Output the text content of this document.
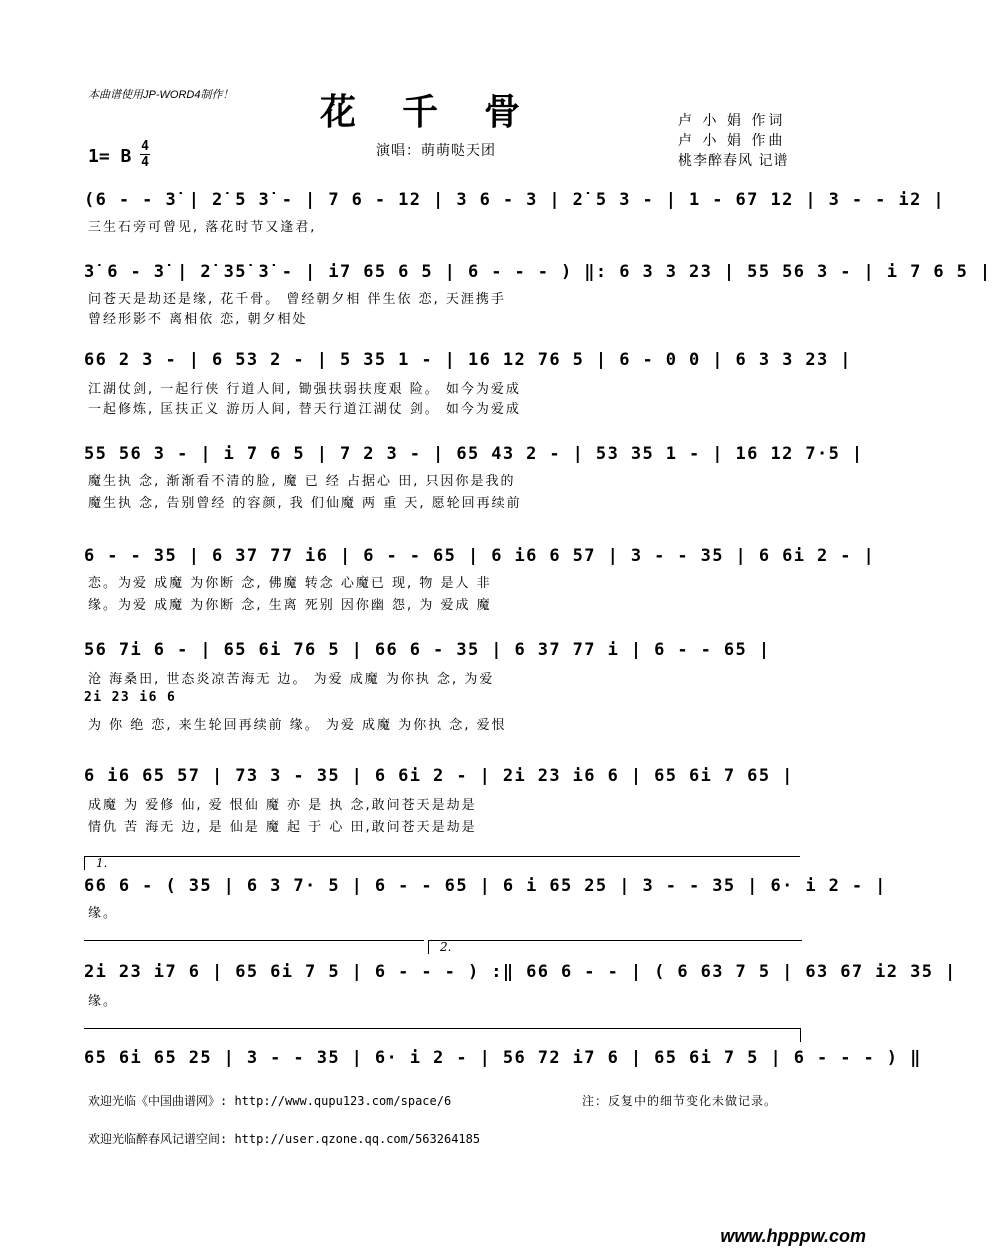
本曲谱使用JP-WORD4制作！ 花千骨	卢 小 娟 作词
卢 小 娟 作曲
桃李醉春风 记谱
1= B 4
4
演唱：萌萌哒天团
(6 - - 3̇ | 2̇ 5 3̇ - | 7 6 - 12 | 3 6 - 3 | 2̇ 5 3 - | 1 - 67 12 | 3 - - i2 |
三生石旁可曾见, 落花时节又逢君,
3̇ 6 - 3̇ | 2̇ 35̇ 3̇ - | i7 65 6 5 | 6 - - - ) ‖: 6 3 3 23 | 55 56 3 - | i 7 6 5 |
问苍天是劫还是缘, 花千骨。 曾经朝夕相 伴生依 恋, 天涯携手
曾经形影不 离相依 恋, 朝夕相处
66 2 3 - | 6 53 2 - | 5 35 1 - | 16 12 76 5 | 6 - 0 0 | 6 3 3 23 |
江湖仗剑, 一起行侠 行道人间, 锄强扶弱扶度艰 险。 如今为爱成
一起修炼, 匡扶正义 游历人间, 替天行道江湖仗 剑。 如今为爱成
55 56 3 - | i 7 6 5 | 7 2 3 - | 65 43 2 - | 53 35 1 - | 16 12 7·5 |
魔生执 念, 渐渐看不清的脸, 魔 已 经 占据心 田, 只因你是我的
魔生执 念, 告别曾经 的容颜, 我 们仙魔 两 重 天, 愿轮回再续前
6 - - 35 | 6 37 77 i6 | 6 - - 65 | 6 i6 6 57 | 3 - - 35 | 6 6i 2 - |
恋。为爱 成魔 为你断 念, 佛魔 转念 心魔已 现, 物 是人 非
缘。为爱 成魔 为你断 念, 生离 死别 因你幽 怨, 为 爱成 魔
56 7i 6 - | 65 6i 76 5 | 66 6 - 35 | 6 37 77 i | 6 - - 65 |
沧 海桑田, 世态炎凉苦海无 边。 为爱 成魔 为你执 念, 为爱
2i 23 i6 6
为 你 绝 恋, 来生轮回再续前 缘。 为爱 成魔 为你执 念, 爱恨
6 i6 65 57 | 73 3 - 35 | 6 6i 2 - | 2i 23 i6 6 | 65 6i 7 65 |
成魔 为 爱修 仙, 爱 恨仙 魔 亦 是 执 念,敢问苍天是劫是
情仇 苦 海无 边, 是 仙是 魔 起 于 心 田,敢问苍天是劫是
1.
66 6 - ( 35 | 6 3 7· 5 | 6 - - 65 | 6 i 65 25 | 3 - - 35 | 6· i 2 - |
缘。
2.
2i 23 i7 6 | 65 6i 7 5 | 6 - - - ) :‖ 66 6 - - | ( 6 63 7 5 | 63 67 i2 35 |
缘。
65 6i 65 25 | 3 - - 35 | 6· i 2 - | 56 72 i7 6 | 65 6i 7 5 | 6 - - - ) ‖
欢迎光临《中国曲谱网》: http://www.qupu123.com/space/6	注：反复中的细节变化未做记录。
欢迎光临醉春风记谱空间: http://user.qzone.qq.com/563264185
www.hpppw.com
